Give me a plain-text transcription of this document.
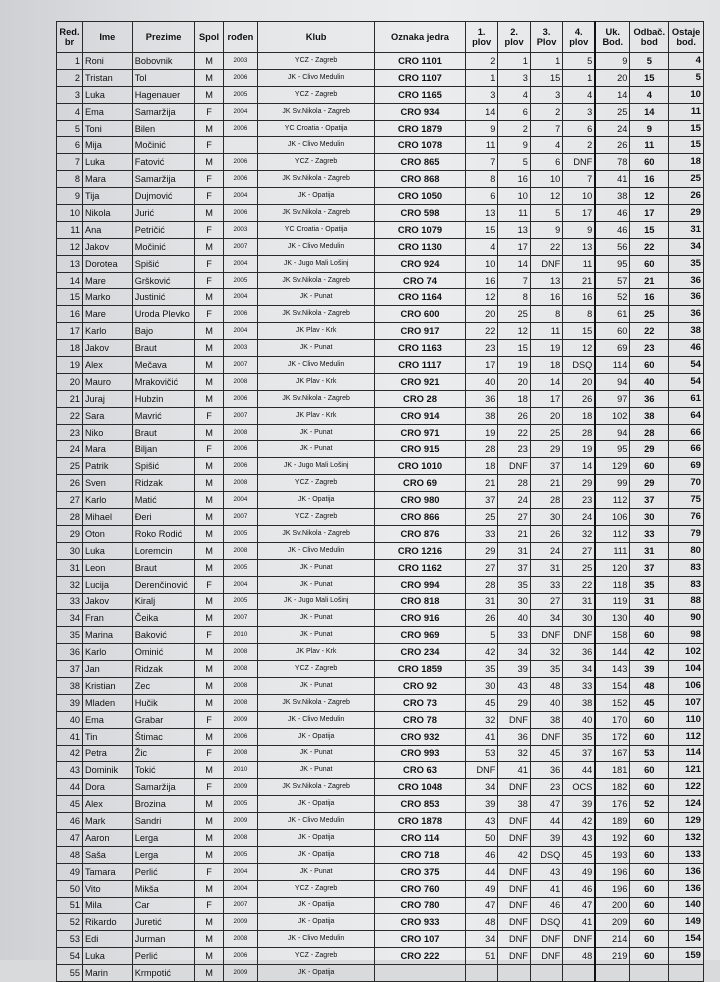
Red. br	Ime	Prezime	Spol	rođen	Klub	Oznaka jedra	1. plov	2. plov	3. Plov	4. plov	Uk. Bod.	Odbač. bod	Ostaje bod.
1	Roni	Bobovnik	M	2003	YCZ - Zagreb	CRO 1101	2	1	1	5	9	5	4
2	Tristan	Tol	M	2006	JK - Clivo Medulin	CRO 1107	1	3	15	1	20	15	5
3	Luka	Hagenauer	M	2005	YCZ - Zagreb	CRO 1165	3	4	3	4	14	4	10
4	Ema	Samaržija	F	2004	JK Sv.Nikola - Zagreb	CRO 934	14	6	2	3	25	14	11
5	Toni	Bilen	M	2006	YC Croatia - Opatija	CRO 1879	9	2	7	6	24	9	15
6	Mija	Močinić	F		JK - Clivo Medulin	CRO 1078	11	9	4	2	26	11	15
7	Luka	Fatović	M	2006	YCZ - Zagreb	CRO 865	7	5	6	DNF	78	60	18
8	Mara	Samaržija	F	2006	JK Sv.Nikola - Zagreb	CRO 868	8	16	10	7	41	16	25
9	Tija	Dujmović	F	2004	JK - Opatija	CRO 1050	6	10	12	10	38	12	26
10	Nikola	Jurić	M	2006	JK Sv.Nikola - Zagreb	CRO 598	13	11	5	17	46	17	29
11	Ana	Petričić	F	2003	YC Croatia - Opatija	CRO 1079	15	13	9	9	46	15	31
12	Jakov	Močinić	M	2007	JK - Clivo Medulin	CRO 1130	4	17	22	13	56	22	34
13	Dorotea	Spišić	F	2004	JK - Jugo Mali Lošinj	CRO 924	10	14	DNF	11	95	60	35
14	Mare	Gršković	F	2005	JK Sv.Nikola - Zagreb	CRO 74	16	7	13	21	57	21	36
15	Marko	Justinić	M	2004	JK - Punat	CRO 1164	12	8	16	16	52	16	36
16	Mare	Uroda Plevko	F	2006	JK Sv.Nikola - Zagreb	CRO 600	20	25	8	8	61	25	36
17	Karlo	Bajo	M	2004	JK Plav - Krk	CRO 917	22	12	11	15	60	22	38
18	Jakov	Braut	M	2003	JK - Punat	CRO 1163	23	15	19	12	69	23	46
19	Alex	Mečava	M	2007	JK - Clivo Medulin	CRO 1117	17	19	18	DSQ	114	60	54
20	Mauro	Mrakovičić	M	2008	JK Plav - Krk	CRO 921	40	20	14	20	94	40	54
21	Juraj	Hubzin	M	2006	JK Sv.Nikola - Zagreb	CRO 28	36	18	17	26	97	36	61
22	Sara	Mavrić	F	2007	JK Plav - Krk	CRO 914	38	26	20	18	102	38	64
23	Niko	Braut	M	2008	JK - Punat	CRO 971	19	22	25	28	94	28	66
24	Mara	Biljan	F	2006	JK - Punat	CRO 915	28	23	29	19	95	29	66
25	Patrik	Spišić	M	2006	JK - Jugo Mali Lošinj	CRO 1010	18	DNF	37	14	129	60	69
26	Sven	Ridzak	M	2008	YCZ - Zagreb	CRO 69	21	28	21	29	99	29	70
27	Karlo	Matić	M	2004	JK - Opatija	CRO 980	37	24	28	23	112	37	75
28	Mihael	Đeri	M	2007	YCZ - Zagreb	CRO 866	25	27	30	24	106	30	76
29	Oton	Roko Rodić	M	2005	JK Sv.Nikola - Zagreb	CRO 876	33	21	26	32	112	33	79
30	Luka	Loremcin	M	2008	JK - Clivo Medulin	CRO 1216	29	31	24	27	111	31	80
31	Leon	Braut	M	2005	JK - Punat	CRO 1162	27	37	31	25	120	37	83
32	Lucija	Derenčinović	F	2004	JK - Punat	CRO 994	28	35	33	22	118	35	83
33	Jakov	Kiralj	M	2005	JK - Jugo Mali Lošinj	CRO 818	31	30	27	31	119	31	88
34	Fran	Čeika	M	2007	JK - Punat	CRO 916	26	40	34	30	130	40	90
35	Marina	Baković	F	2010	JK - Punat	CRO 969	5	33	DNF	DNF	158	60	98
36	Karlo	Ominić	M	2008	JK Plav - Krk	CRO 234	42	34	32	36	144	42	102
37	Jan	Ridzak	M	2008	YCZ - Zagreb	CRO 1859	35	39	35	34	143	39	104
38	Kristian	Zec	M	2008	JK - Punat	CRO 92	30	43	48	33	154	48	106
39	Mladen	Hučik	M	2008	JK Sv.Nikola - Zagreb	CRO 73	45	29	40	38	152	45	107
40	Ema	Grabar	F	2009	JK - Clivo Medulin	CRO 78	32	DNF	38	40	170	60	110
41	Tin	Štimac	M	2006	JK - Opatija	CRO 932	41	36	DNF	35	172	60	112
42	Petra	Žic	F	2008	JK - Punat	CRO 993	53	32	45	37	167	53	114
43	Dominik	Tokić	M	2010	JK - Punat	CRO 63	DNF	41	36	44	181	60	121
44	Dora	Samaržija	F	2009	JK Sv.Nikola - Zagreb	CRO 1048	34	DNF	23	OCS	182	60	122
45	Alex	Brozina	M	2005	JK - Opatija	CRO 853	39	38	47	39	176	52	124
46	Mark	Sandri	M	2009	JK - Clivo Medulin	CRO 1878	43	DNF	44	42	189	60	129
47	Aaron	Lerga	M	2008	JK - Opatija	CRO 114	50	DNF	39	43	192	60	132
48	Saša	Lerga	M	2005	JK - Opatija	CRO 718	46	42	DSQ	45	193	60	133
49	Tamara	Perlić	F	2004	JK - Punat	CRO 375	44	DNF	43	49	196	60	136
50	Vito	Mikša	M	2004	YCZ - Zagreb	CRO 760	49	DNF	41	46	196	60	136
51	Mila	Car	F	2007	JK - Opatija	CRO 780	47	DNF	46	47	200	60	140
52	Rikardo	Juretić	M	2009	JK - Opatija	CRO 933	48	DNF	DSQ	41	209	60	149
53	Edi	Jurman	M	2008	JK - Clivo Medulin	CRO 107	34	DNF	DNF	DNF	214	60	154
54	Luka	Perlić	M	2006	YCZ - Zagreb	CRO 222	51	DNF	DNF	48	219	60	159
55	Marin	Krmpotić	M	2009	JK - Opatija								
